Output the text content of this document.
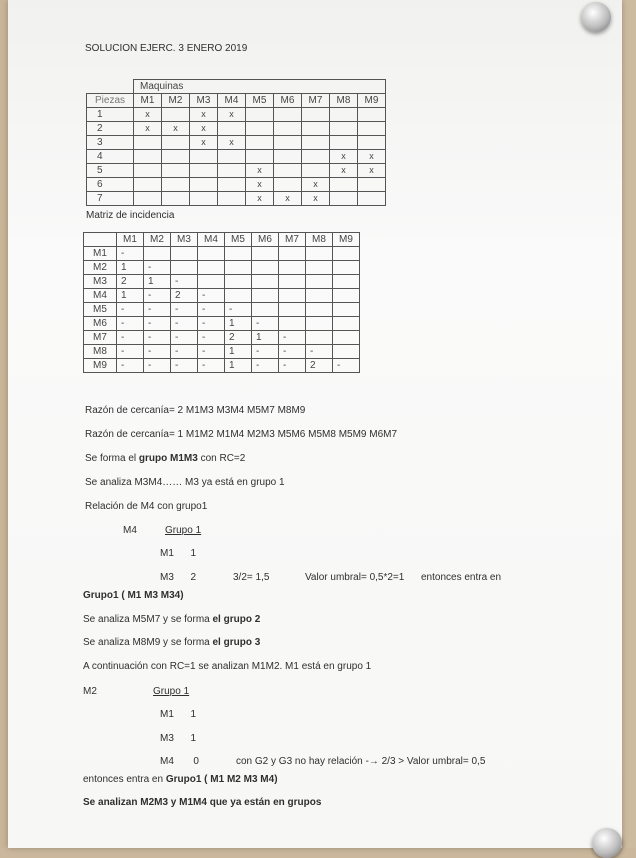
SOLUCION EJERC. 3 ENERO 2019
	Maquinas								
Piezas	M1	M2	M3	M4	M5	M6	M7	M8	M9
1	x		x	x					
2	x	x	x						
3			x	x					
4								x	x
5					x			x	x
6					x		x		
7					x	x	x		
Matriz de incidencia
	M1	M2	M3	M4	M5	M6	M7	M8	M9
M1	-								
M2	1	-							
M3	2	1	-						
M4	1	-	2	-					
M5	-	-	-	-	-				
M6	-	-	-	-	1	-			
M7	-	-	-	-	2	1	-		
M8	-	-	-	-	1	-	-	-	
M9	-	-	-	-	1	-	-	2	-
Razón de cercanía= 2 M1M3 M3M4 M5M7 M8M9
Razón de cercanía= 1 M1M2 M1M4 M2M3 M5M6 M5M8 M5M9 M6M7
Se forma el grupo M1M3 con RC=2
Se analiza M3M4…… M3 ya está en grupo 1
Relación de M4 con grupo1
M4	Grupo 1
M1      1
M3      2	3/2= 1,5	Valor umbral= 0,5*2=1      entonces entra en
Grupo1 ( M1 M3 M34)
Se analiza M5M7 y se forma el grupo 2
Se analiza M8M9 y se forma el grupo 3
A continuación con RC=1 se analizan M1M2. M1 está en grupo 1
M2	Grupo 1
M1      1
M3      1
M4       0	con G2 y G3 no hay relación -→ 2/3 > Valor umbral= 0,5
entonces entra en Grupo1 ( M1 M2 M3 M4)
Se analizan M2M3 y M1M4 que ya están en grupos
